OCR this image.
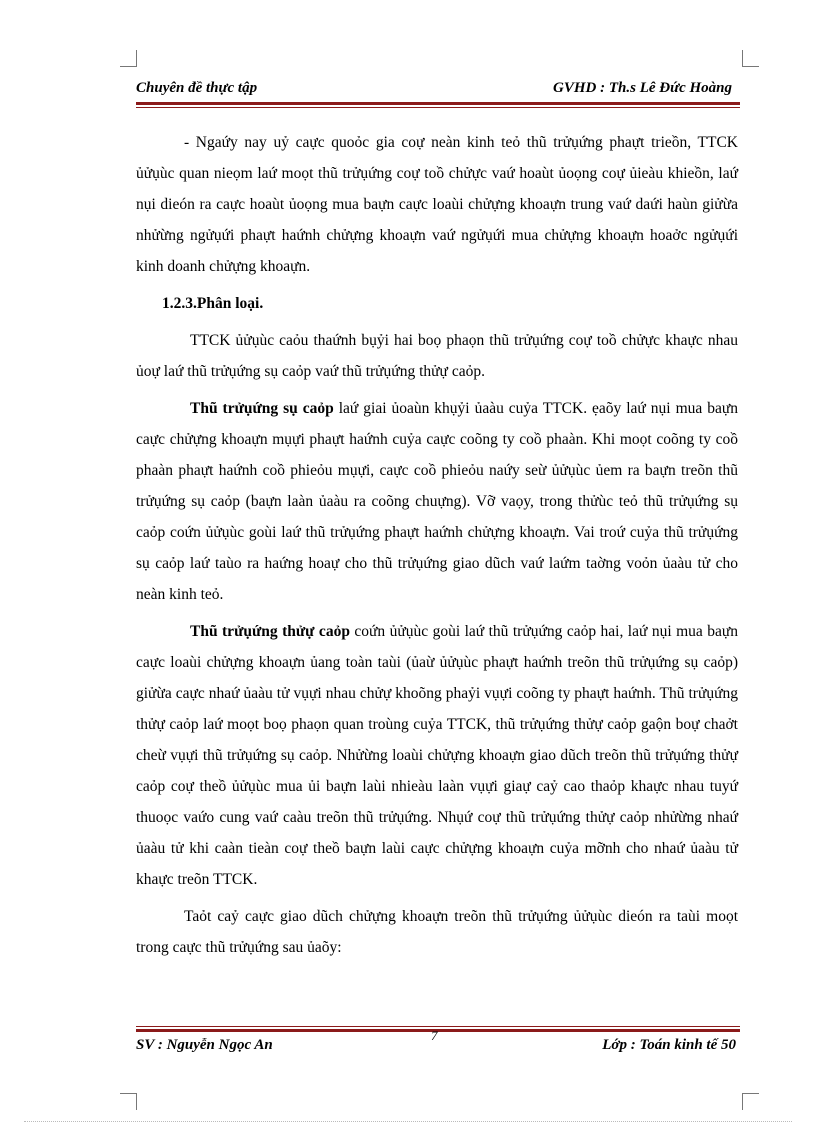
Chuyên đề thực tập	GVHD : Th.s Lê Đức Hoàng

- Ngaứy nay uỷ caực quoỏc gia coự neàn kinh teỏ thũ trửụứng phaựt trieồn, TTCK ủửụùc quan nieọm laứ moọt thũ trửụứng coự toồ chửực vaứ hoaùt ủoọng coự ủieàu khieồn, laứ nụi dieón ra caực hoaùt ủoọng mua baựn caực loaùi chửựng khoaựn trung vaứ daứi haùn giửừa nhửừng ngửụứi phaựt haứnh chửựng khoaựn vaứ ngửụứi mua chửựng khoaựn hoaởc ngửụứi kinh doanh chửựng khoaựn.

1.2.3.Phân loại.

TTCK ủửụùc caỏu thaứnh bụỷi hai boọ phaọn thũ trửụứng coự toồ chửực khaực nhau ủoự laứ thũ trửụứng sụ caỏp vaứ thũ trửụứng thửự caỏp.

Thũ trửụứng sụ caỏp laứ giai ủoaùn khụỷi ủaàu cuỷa TTCK. ẹaõy laứ nụi mua baựn caực chửựng khoaựn mụựi phaựt haứnh cuỷa caực coõng ty coồ phaàn. Khi moọt coõng ty coồ phaàn phaựt haứnh coồ phieỏu mụựi, caực coồ phieỏu naứy seừ ủửụùc ủem ra baựn treõn thũ trửụứng sụ caỏp (baựn laàn ủaàu ra coõng chuựng). Vỡ vaọy, trong thửùc teỏ thũ trửụứng sụ caỏp coứn ủửụùc goùi laứ thũ trửụứng phaựt haứnh chửựng khoaựn. Vai troứ cuỷa thũ trửụứng sụ caỏp laứ taùo ra haứng hoaự cho thũ trửụứng giao dũch vaứ laứm taờng voỏn ủaàu tử cho neàn kinh teỏ.

Thũ trửụứng thửự caỏp coứn ủửụùc goùi laứ thũ trửụứng caỏp hai, laứ nụi mua baựn caực loaùi chửựng khoaựn ủang toàn taùi (ủaừ ủửụùc phaựt haứnh treõn thũ trửụứng sụ caỏp) giửừa caực nhaứ ủaàu tử vụựi nhau chửự khoõng phaỷi vụựi coõng ty phaựt haứnh. Thũ trửụứng thửự caỏp laứ moọt boọ phaọn quan troùng cuỷa TTCK, thũ trửụứng thửự caỏp gaộn boự chaởt cheừ vụựi thũ trửụứng sụ caỏp. Nhửừng loaùi chửựng khoaựn giao dũch treõn thũ trửụứng thửự caỏp coự theồ ủửụùc mua ủi baựn laùi nhieàu laàn vụựi giaự caỷ cao thaỏp khaực nhau tuyứ thuoọc vaứo cung vaứ caàu treõn thũ trửụứng. Nhụứ coự thũ trửụứng thửự caỏp nhửừng nhaứ ủaàu tử khi caàn tieàn coự theồ baựn laùi caực chửựng khoaựn cuỷa mỡnh cho nhaứ ủaàu tử khaực treõn TTCK.

Taỏt caỷ caực giao dũch chửựng khoaựn treõn thũ trửụứng ủửụùc dieón ra taùi moọt trong caực thũ trửụứng sau ủaõy:

7
SV : Nguyễn Ngọc An	Lớp : Toán kinh tế 50
